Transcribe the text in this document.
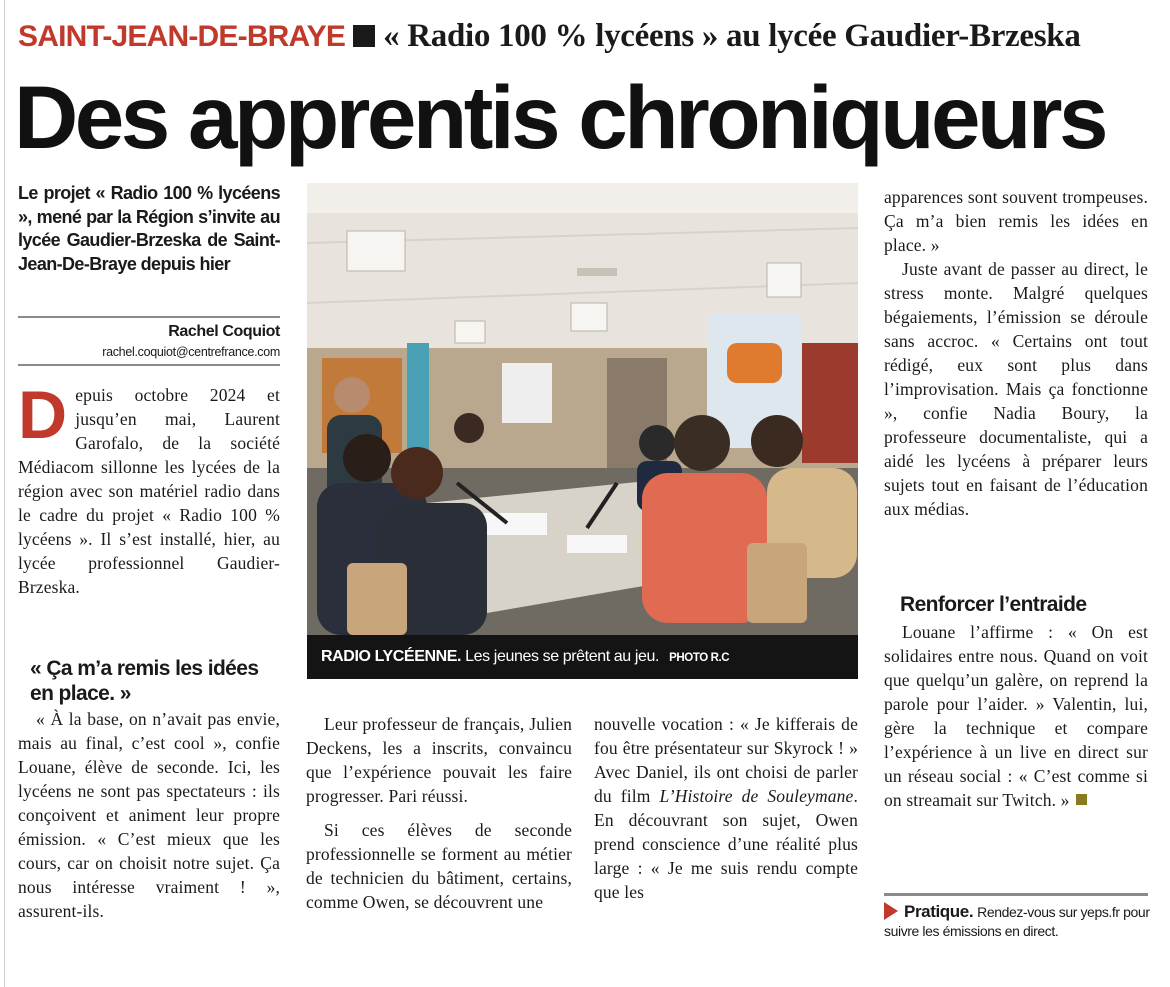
SAINT-JEAN-DE-BRAYE « Radio 100 % lycéens » au lycée Gaudier-Brzeska
Des apprentis chroniqueurs
Le projet « Radio 100 % lycéens », mené par la Région s’invite au lycée Gaudier-Brzeska de Saint-Jean-De-Braye depuis hier
Rachel Coquiot
rachel.coquiot@centrefrance.com
Depuis octobre 2024 et jusqu’en mai, Laurent Garofalo, de la société Médiacom sillonne les lycées de la région avec son matériel radio dans le cadre du projet « Radio 100 % lycéens ». Il s’est installé, hier, au lycée professionnel Gaudier-Brzeska.
« Ça m’a remis les idées en place. »

« À la base, on n’avait pas envie, mais au final, c’est cool », confie Louane, élève de seconde. Ici, les lycéens ne sont pas spectateurs : ils conçoivent et animent leur propre émission. « C’est mieux que les cours, car on choisit notre sujet. Ça nous intéresse vraiment ! », assurent-ils.

RADIO LYCÉENNE. Les jeunes se prêtent au jeu. PHOTO R.C

Leur professeur de français, Julien Deckens, les a inscrits, convaincu que l’expérience pouvait les faire progresser. Pari réussi.

Si ces élèves de seconde professionnelle se forment au métier de technicien du bâtiment, certains, comme Owen, se découvrent une

nouvelle vocation : « Je kifferais de fou être présentateur sur Skyrock ! » Avec Daniel, ils ont choisi de parler du film L’Histoire de Souleymane. En découvrant son sujet, Owen prend conscience d’une réalité plus large : « Je me suis rendu compte que les

apparences sont souvent trompeuses. Ça m’a bien remis les idées en place. »

Juste avant de passer au direct, le stress monte. Malgré quelques bégaiements, l’émission se déroule sans accroc. « Certains ont tout rédigé, eux sont plus dans l’improvisation. Mais ça fonctionne », confie Nadia Boury, la professeure documentaliste, qui a aidé les lycéens à préparer leurs sujets tout en faisant de l’éducation aux médias.

Renforcer l’entraide

Louane l’affirme : « On est solidaires entre nous. Quand on voit que quelqu’un galère, on reprend la parole pour l’aider. » Valentin, lui, gère la technique et compare l’expérience à un live en direct sur un réseau social : « C’est comme si on streamait sur Twitch. »

Pratique. Rendez-vous sur yeps.fr pour suivre les émissions en direct.
